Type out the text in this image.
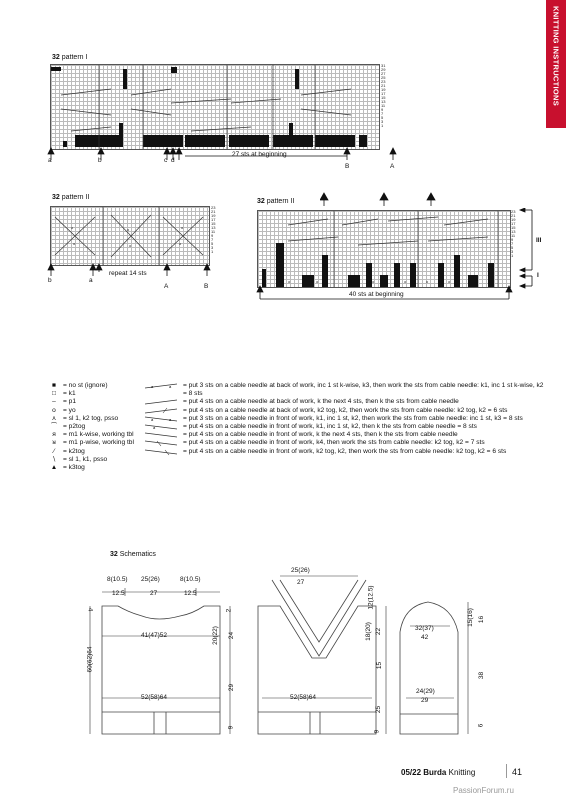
KNITTING INSTRUCTIONS
32 pattern I
31
29
27
25
23
21
19
17
15
13
11
9
7
5
3
1
a	b	c d
B	A
27 sts at beginning
32 pattern II
o	o	o
o	o	o
23
21
19
17
15
13
11
9
7
5
3
1
b	a
A	B
repeat 14 sts
32 pattern II
o	o	o	o	o	o
23
21
19
17
15
13
11
9
7
5
3
1
III
I
40 sts at beginning
■	= no st (ignore)
□	= k1
–	= p1
o	= yo
⋏ = sl 1, k2 tog, psso
⁀ = p2tog
ᴙ	= m1 k-wise, working tbl
ᴚ	= m1 p-wise, working tbl
∕	= k2tog
∖	= sl 1, k1, psso
▲ = k3tog
a	a = put 3 sts on a cable needle at back of work, inc 1 st k-wise, k3, then work the sts from cable needle: k1, inc 1 st k-wise, k2 = 8 sts
= put 4 sts on a cable needle at back of work, k the next 4 sts, then k the sts from cable needle
= put 4 sts on a cable needle at back of work, k2 tog, k2, then work the sts from cable needle: k2 tog, k2 = 6 sts
a	a = put 3 sts on a cable needle in front of work, k1, inc 1 st, k2, then work the sts from cable needle: inc 1 st, k3 = 8 sts
a	= put 4 sts on a cable needle in front of work, k1, inc 1 st, k2, then k the sts from cable needle = 8 sts
= put 4 sts on a cable needle in front of work, k the next 4 sts, then k the sts from cable needle
= put 4 sts on a cable needle in front of work, k4, then work the sts from cable needle: k2 tog, k2 = 7 sts
= put 4 sts on a cable needle in front of work, k2 tog, k2, then work the sts from cable needle: k2 tog, k2 = 6 sts
32 Schematics
8(10.5) 25(26)	8(10.5)
12.5	27	12.5
4
60(62)64
41(47)52
52(58)64
2
20(22) 24
29
9
25(26)
27
52(58)64
12(12.5)
18(20) 22
15
25
9
32(37)
42
24(29)
29
15(16) 16
38
6
05/22 Burda Knitting	41
PassionForum.ru
